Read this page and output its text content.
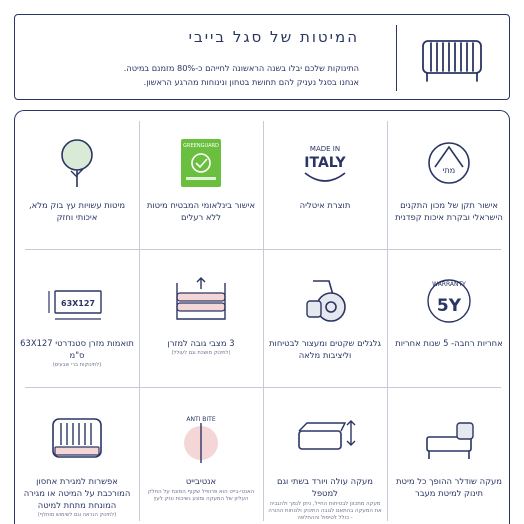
המיטות של סגל בייבי
התינוקות שלכם יבלו בשנה הראשונה לחייהם כ-80% מזמנם במיטה.
אנחנו בסגל נעניק להם תחושת בטחון ונינוחות מהרגע הראשון.
מתי
אישור תקן של מכון התקנים הישראלי ובקרת איכות קפדנית
MADE IN
ITALY
תוצרת איטליה
GREENGUARD
אישור בינלאומי המבטיח מיטות ללא רעלים
מיטות עשויות עץ בוק מלא, איכותי וחזק
WARRANTY
5Y
אחריות רחבה- 5 שנות אחריות
גלגלים שקטים ומעצור לבטיחות וליציבות מלאה
3 מצבי גובה למזרן
(לתינוק מושכת וגם לעולל)
63X127
תואמות מזרן סטנדרטי 63X127 ס"מ
(לתינוקות ברי שבעים)
מעקה שודלר ההופך כל מיטת תינוק למיטת מעבר
מעקה עולה ויורד בשתי וגם למטפל
מעקה מתכוון לבטיחות החייל, ניתן לנמך ולהגביה את המעקה בהתאם לגובה התינוק ולנוחות ההורה - כולל לטיפול וההחלפה
ANTI BITE
אנטיבייט
האנטי-בייט הוא פרופיל שקוף המונח על החלק העליון של המעקה ומונע נשיכות ונזק לעץ
אפשרות למגירת אחסון המורכבת על המיטה או מגירה המונחת מתחת למיטה
(לתינוק הנראה וגם לשימוש מוחלף)
